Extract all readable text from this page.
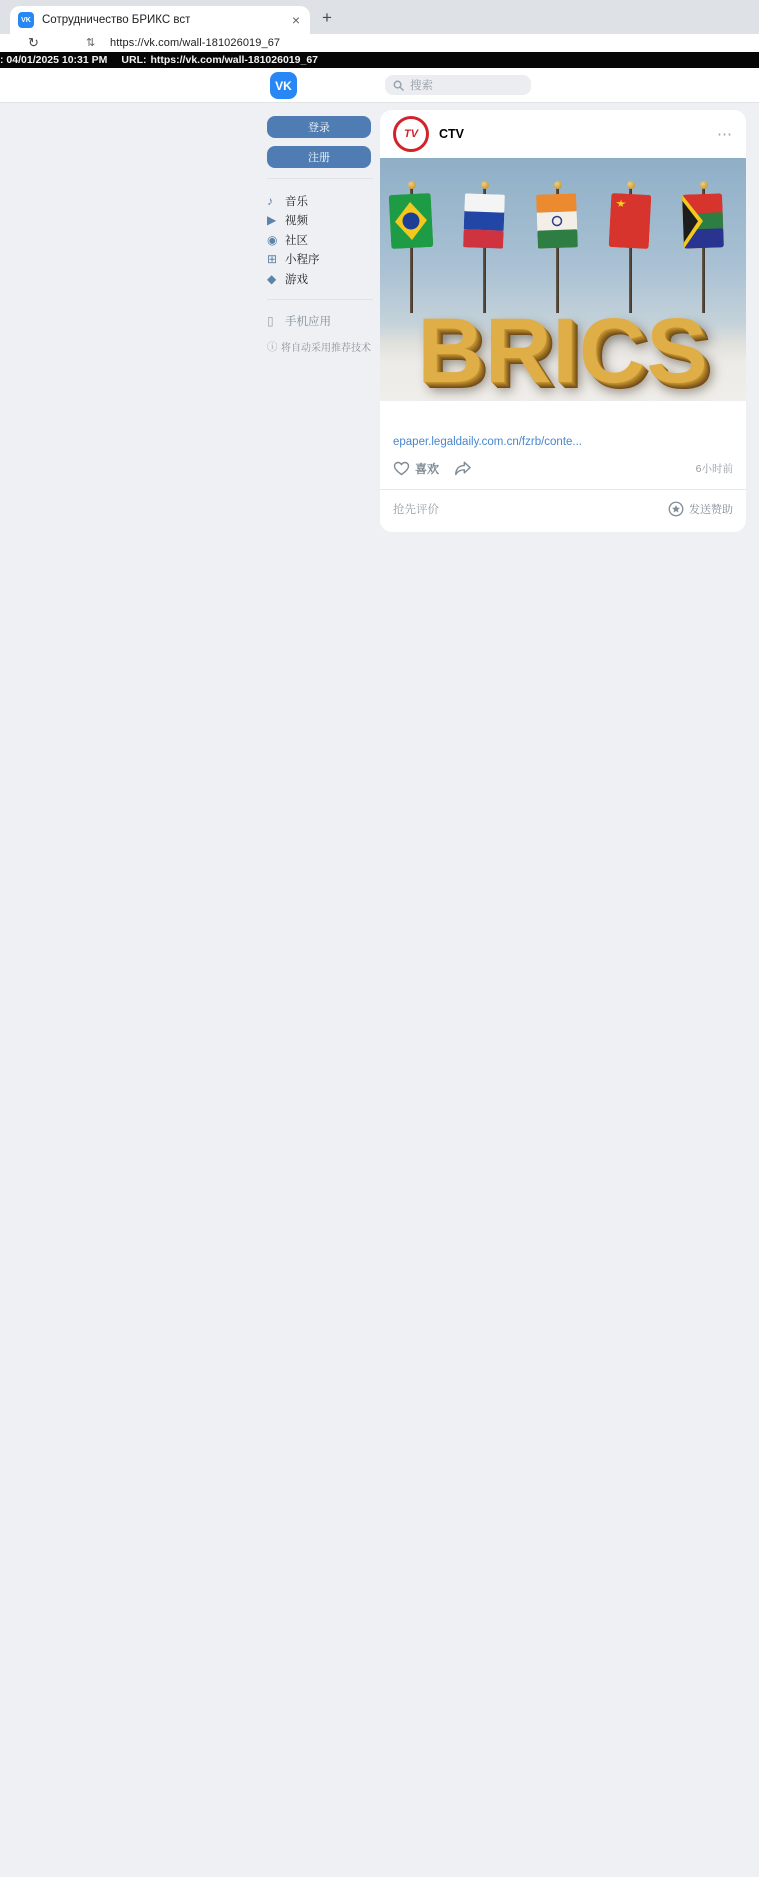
VK Сотрудничество БРИКС вст	× +
↻	⇅ https://vk.com/wall-181026019_67
: 04/01/2025 10:31 PM URL: https://vk.com/wall-181026019_67
VK	搜索
登录
注册
♪	音乐
▶ 视频
◉ 社区
⊞ 小程序
◆ 游戏
▯ 手机应用
ⓘ 将自动采用推荐技术
TV	CTV	⋯
BRICS

epaper.legaldaily.com.cn/fzrb/conte...
喜欢	6小时前
抢先评价	发送赞助
